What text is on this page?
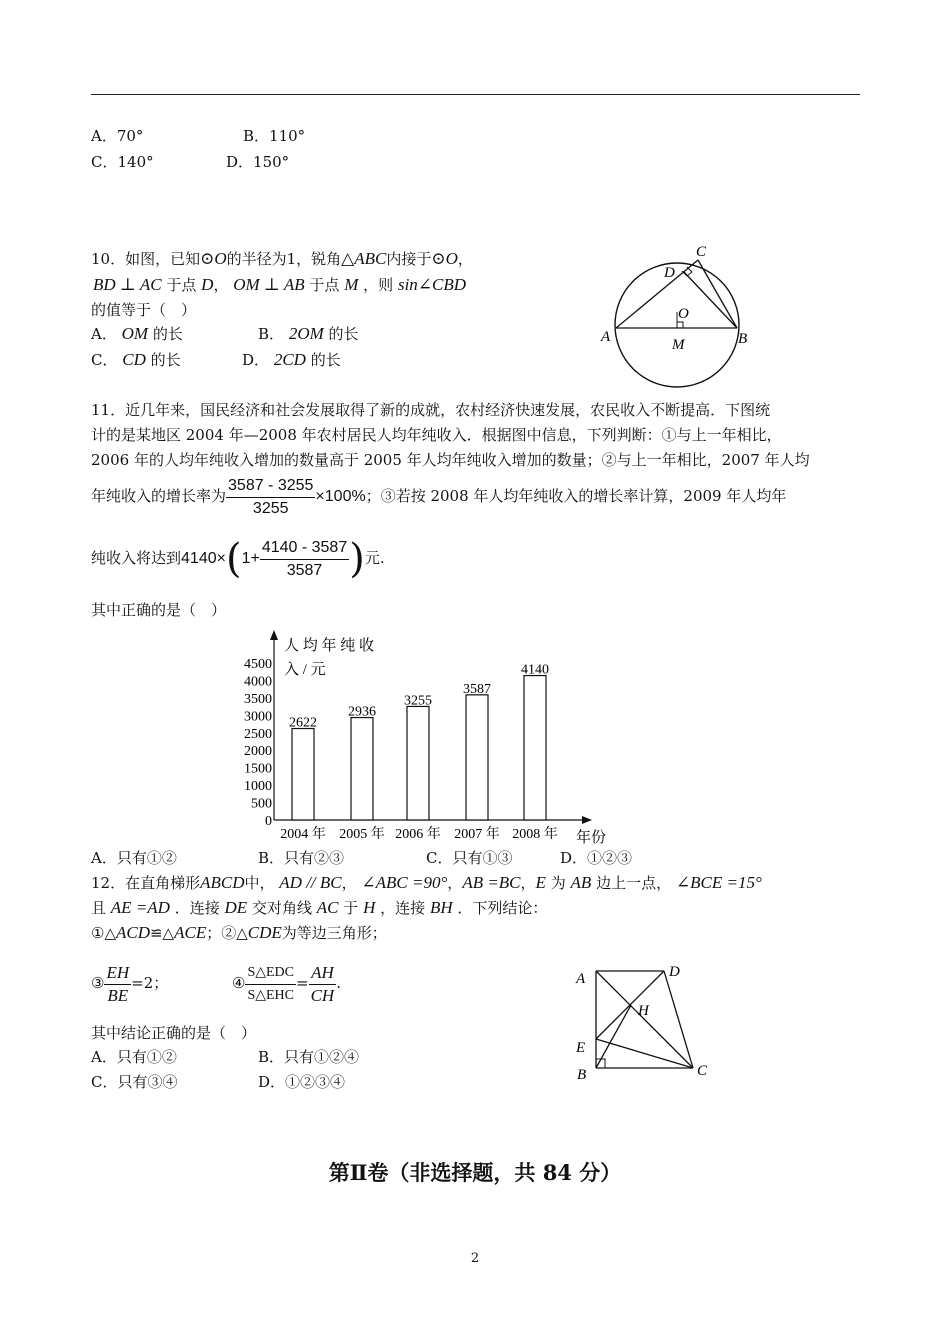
A．70°	B．110°
C．140°	D．150°
10．如图，已知⊙O的半径为1，锐角△ABC内接于⊙O，
BD ⊥ AC 于点 D， OM ⊥ AB 于点 M ，则 sin∠CBD
的值等于（　）
A． OM 的长	B． 2OM 的长
C． CD 的长	D． 2CD 的长
A	B
C
D
O
M
11．近几年来，国民经济和社会发展取得了新的成就，农村经济快速发展，农民收入不断提高．下图统
计的是某地区 2004 年—2008 年农村居民人均年纯收入．根据图中信息，下列判断：①与上一年相比，
2006 年的人均年纯收入增加的数量高于 2005 年人均年纯收入增加的数量；②与上一年相比，2007 年人均
年纯收入的增长率为 $\frac{3587 - 3255}{3255} \times 100\%$；③若按 2008 年人均年纯收入的增长率计算，2009 年人均年
纯收入将达到$4140\times(1+ \frac{4140 - 3587}{3587}$ )元.
其中正确的是（　）
人 均 年 纯 收
入 / 元
年份
0
500
1000
1500
2000
2500
3000
3500
4000
4500
2622
2004 年
2936
2005 年
3255
2006 年
3587
2007 年
4140
2008 年
A．只有①②	B．只有②③	C．只有①③	D．①②③
12．在直角梯形ABCD中， AD // BC， ∠ABC =90°，AB =BC，E 为 AB 边上一点， ∠BCE =15°
且 AE =AD ．连接 DE 交对角线 AC 于 H ，连接 BH ．下列结论：
①△ACD≌△ACE；②△CDE为等边三角形；
③ $\frac{EH}{BE} =2$；	④ $\frac{\text{S△EDC}}{\text{S△EHC}} = \frac{AH}{CH}$ .
其中结论正确的是（　）
A．只有①②	B．只有①②④
C．只有③④	D．①②③④
A	D
H
E
B	C
第Ⅱ卷（非选择题，共 84 分）
2
